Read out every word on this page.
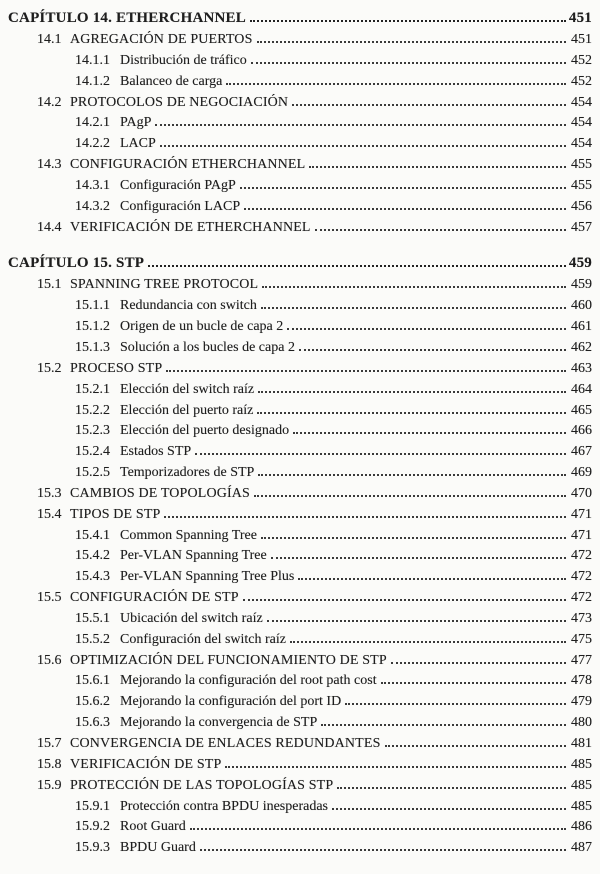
CAPÍTULO 14. ETHERCHANNEL	451
14.1 AGREGACIÓN DE PUERTOS	451
14.1.1 Distribución de tráfico	452
14.1.2 Balanceo de carga	452
14.2 PROTOCOLOS DE NEGOCIACIÓN	454
14.2.1 PAgP	454
14.2.2 LACP	454
14.3 CONFIGURACIÓN ETHERCHANNEL	455
14.3.1 Configuración PAgP	455
14.3.2 Configuración LACP	456
14.4 VERIFICACIÓN DE ETHERCHANNEL	457
CAPÍTULO 15. STP	459
15.1 SPANNING TREE PROTOCOL	459
15.1.1 Redundancia con switch	460
15.1.2 Origen de un bucle de capa 2	461
15.1.3 Solución a los bucles de capa 2	462
15.2 PROCESO STP	463
15.2.1 Elección del switch raíz	464
15.2.2 Elección del puerto raíz	465
15.2.3 Elección del puerto designado	466
15.2.4 Estados STP	467
15.2.5 Temporizadores de STP	469
15.3 CAMBIOS DE TOPOLOGÍAS	470
15.4 TIPOS DE STP	471
15.4.1 Common Spanning Tree	471
15.4.2 Per-VLAN Spanning Tree	472
15.4.3 Per-VLAN Spanning Tree Plus	472
15.5 CONFIGURACIÓN DE STP	472
15.5.1 Ubicación del switch raíz	473
15.5.2 Configuración del switch raíz	475
15.6 OPTIMIZACIÓN DEL FUNCIONAMIENTO DE STP	477
15.6.1 Mejorando la configuración del root path cost	478
15.6.2 Mejorando la configuración del port ID	479
15.6.3 Mejorando la convergencia de STP	480
15.7 CONVERGENCIA DE ENLACES REDUNDANTES	481
15.8 VERIFICACIÓN DE STP	485
15.9 PROTECCIÓN DE LAS TOPOLOGÍAS STP	485
15.9.1 Protección contra BPDU inesperadas	485
15.9.2 Root Guard	486
15.9.3 BPDU Guard	487
